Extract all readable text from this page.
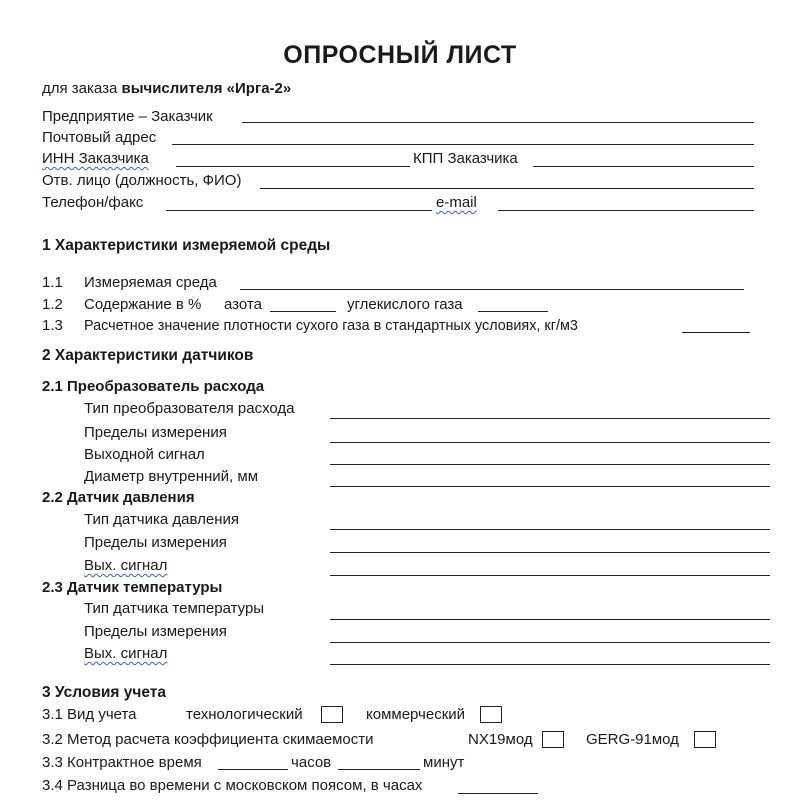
ОПРОСНЫЙ ЛИСТ
для заказа вычислителя «Ирга-2»
Предприятие – Заказчик
Почтовый адрес
ИНН Заказчика	КПП Заказчика
Отв. лицо (должность, ФИО)
Телефон/факс	e-mail
1 Характеристики измеряемой среды
1.1 Измеряемая среда
1.2 Содержание в % азота	углекислого газа
1.3 Расчетное значение плотности сухого газа в стандартных условиях, кг/м3
2 Характеристики датчиков
2.1 Преобразователь расхода
Тип преобразователя расхода
Пределы измерения
Выходной сигнал
Диаметр внутренний, мм
2.2 Датчик давления
Тип датчика давления
Пределы измерения
Вых. сигнал
2.3 Датчик температуры
Тип датчика температуры
Пределы измерения
Вых. сигнал
3 Условия учета
3.1 Вид учета	технологический	коммерческий
3.2 Метод расчета коэффициента скимаемости	NX19мод	GERG-91мод
3.3 Контрактное время	часов	минут
3.4 Разница во времени с московском поясом, в часах
